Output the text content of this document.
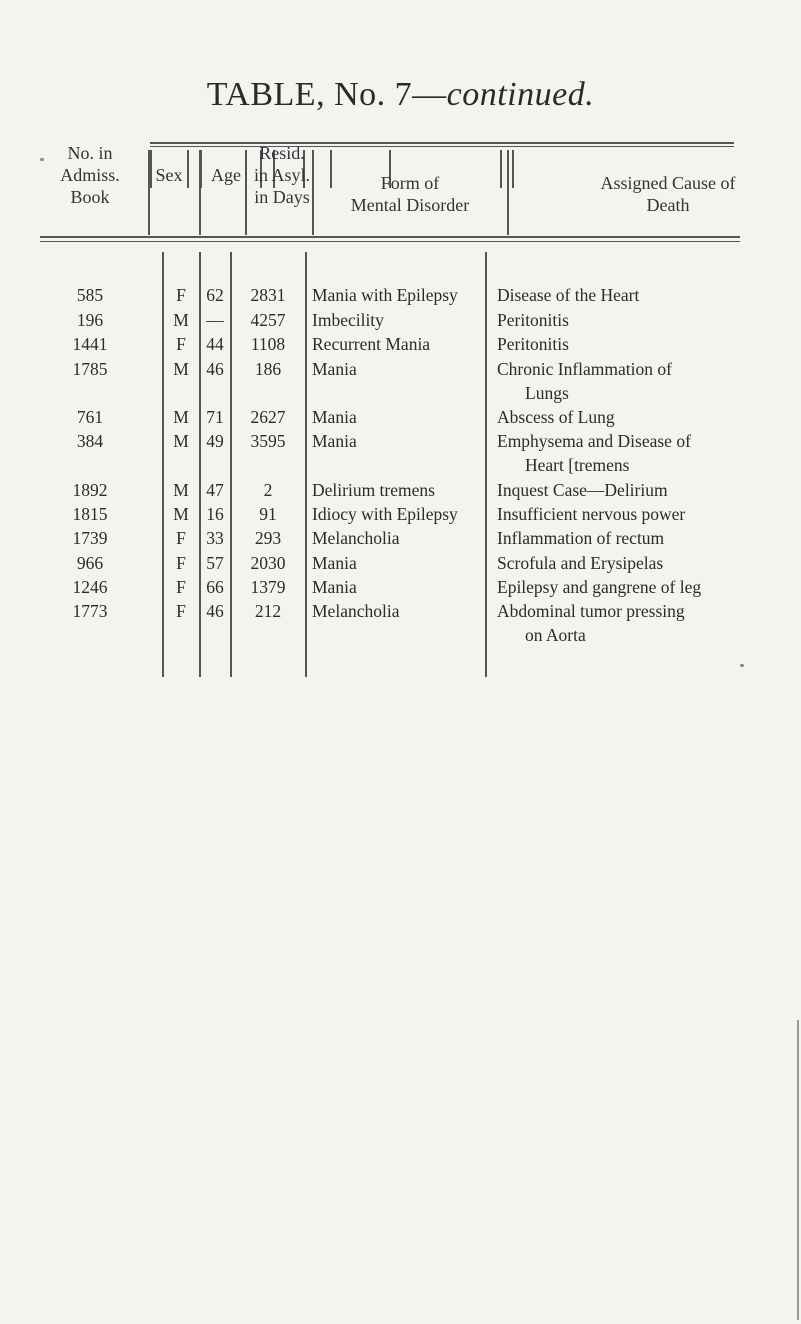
TABLE, No. 7—continued.
No. in
Admiss.
Book
Sex	Age
Resid.
in Asyl.
in Days
Form of
Mental Disorder
Assigned Cause of
Death
585	F	62	2831	Mania with Epilepsy	Disease of the Heart
196	M —	4257	Imbecility	Peritonitis
1441	F	44	1108	Recurrent Mania	Peritonitis
1785	M 46	186	Mania	Chronic Inflammation of
Lungs
761	M 71	2627	Mania	Abscess of Lung
384	M 49	3595	Mania	Emphysema and Disease of
Heart [tremens
1892	M 47	2	Delirium tremens	Inquest Case—Delirium
1815	M 16	91	Idiocy with Epilepsy	Insufficient nervous power
1739	F	33	293	Melancholia	Inflammation of rectum
966	F	57	2030	Mania	Scrofula and Erysipelas
1246	F	66	1379	Mania	Epilepsy and gangrene of leg
1773	F	46	212	Melancholia	Abdominal tumor pressing
on Aorta
